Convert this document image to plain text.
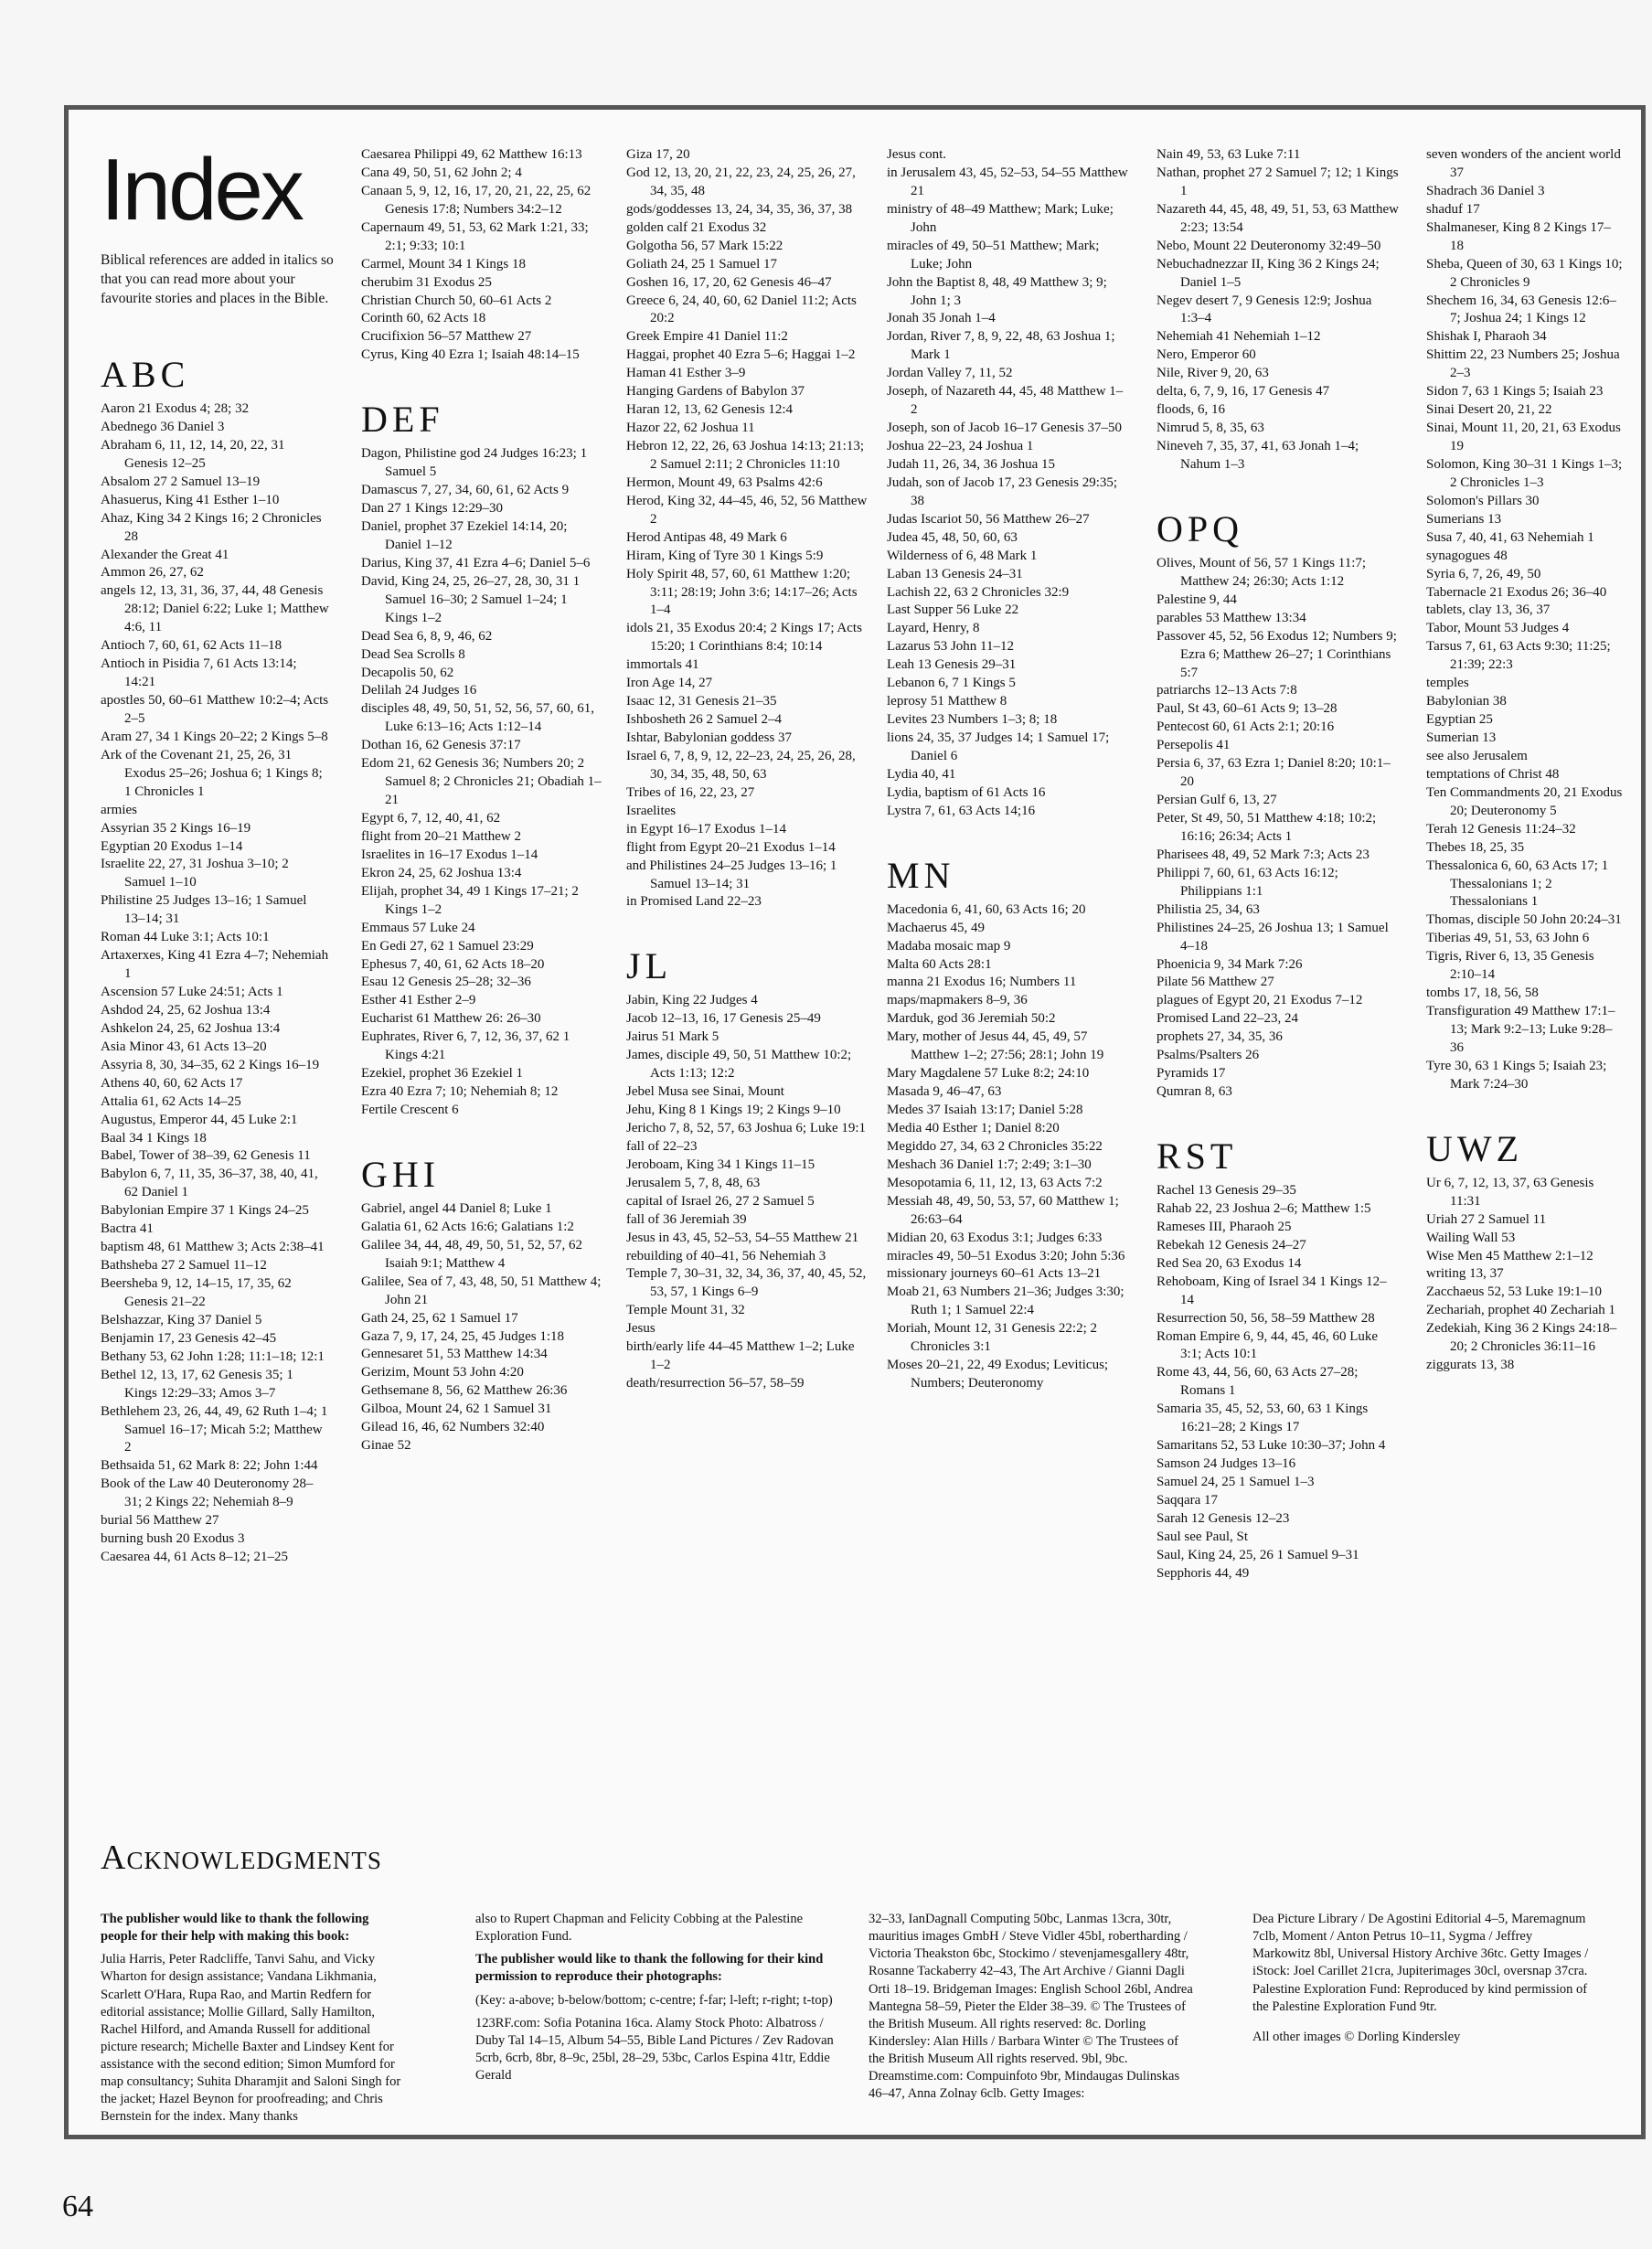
Index
Biblical references are added in italics so that you can read more about your favourite stories and places in the Bible.
ABC
Aaron 21 Exodus 4; 28; 32
Abednego 36 Daniel 3
Abraham 6, 11, 12, 14, 20, 22, 31 Genesis 12–25
Absalom 27 2 Samuel 13–19
Ahasuerus, King 41 Esther 1–10
Ahaz, King 34 2 Kings 16; 2 Chronicles 28
Alexander the Great 41
Ammon 26, 27, 62
angels 12, 13, 31, 36, 37, 44, 48 Genesis 28:12; Daniel 6:22; Luke 1; Matthew 4:6, 11
Antioch 7, 60, 61, 62 Acts 11–18
Antioch in Pisidia 7, 61 Acts 13:14; 14:21
apostles 50, 60–61 Matthew 10:2–4; Acts 2–5
Aram 27, 34 1 Kings 20–22; 2 Kings 5–8
Ark of the Covenant 21, 25, 26, 31 Exodus 25–26; Joshua 6; 1 Kings 8; 1 Chronicles 1
armies
Assyrian 35 2 Kings 16–19
Egyptian 20 Exodus 1–14
Israelite 22, 27, 31 Joshua 3–10; 2 Samuel 1–10
Philistine 25 Judges 13–16; 1 Samuel 13–14; 31
Roman 44 Luke 3:1; Acts 10:1
Artaxerxes, King 41 Ezra 4–7; Nehemiah 1
Ascension 57 Luke 24:51; Acts 1
Ashdod 24, 25, 62 Joshua 13:4
Ashkelon 24, 25, 62 Joshua 13:4
Asia Minor 43, 61 Acts 13–20
Assyria 8, 30, 34–35, 62 2 Kings 16–19
Athens 40, 60, 62 Acts 17
Attalia 61, 62 Acts 14–25
Augustus, Emperor 44, 45 Luke 2:1
Baal 34 1 Kings 18
Babel, Tower of 38–39, 62 Genesis 11
Babylon 6, 7, 11, 35, 36–37, 38, 40, 41, 62 Daniel 1
Babylonian Empire 37 1 Kings 24–25
Bactra 41
baptism 48, 61 Matthew 3; Acts 2:38–41
Bathsheba 27 2 Samuel 11–12
Beersheba 9, 12, 14–15, 17, 35, 62 Genesis 21–22
Belshazzar, King 37 Daniel 5
Benjamin 17, 23 Genesis 42–45
Bethany 53, 62 John 1:28; 11:1–18; 12:1
Bethel 12, 13, 17, 62 Genesis 35; 1 Kings 12:29–33; Amos 3–7
Bethlehem 23, 26, 44, 49, 62 Ruth 1–4; 1 Samuel 16–17; Micah 5:2; Matthew 2
Bethsaida 51, 62 Mark 8: 22; John 1:44
Book of the Law 40 Deuteronomy 28–31; 2 Kings 22; Nehemiah 8–9
burial 56 Matthew 27
burning bush 20 Exodus 3
Caesarea 44, 61 Acts 8–12; 21–25
Caesarea Philippi 49, 62 Matthew 16:13
Cana 49, 50, 51, 62 John 2; 4
Canaan 5, 9, 12, 16, 17, 20, 21, 22, 25, 62 Genesis 17:8; Numbers 34:2–12
Capernaum 49, 51, 53, 62 Mark 1:21, 33; 2:1; 9:33; 10:1
Carmel, Mount 34 1 Kings 18
cherubim 31 Exodus 25
Christian Church 50, 60–61 Acts 2
Corinth 60, 62 Acts 18
Crucifixion 56–57 Matthew 27
Cyrus, King 40 Ezra 1; Isaiah 48:14–15
DEF
Dagon, Philistine god 24 Judges 16:23; 1 Samuel 5
Damascus 7, 27, 34, 60, 61, 62 Acts 9
Dan 27 1 Kings 12:29–30
Daniel, prophet 37 Ezekiel 14:14, 20; Daniel 1–12
Darius, King 37, 41 Ezra 4–6; Daniel 5–6
David, King 24, 25, 26–27, 28, 30, 31 1 Samuel 16–30; 2 Samuel 1–24; 1 Kings 1–2
Dead Sea 6, 8, 9, 46, 62
Dead Sea Scrolls 8
Decapolis 50, 62
Delilah 24 Judges 16
disciples 48, 49, 50, 51, 52, 56, 57, 60, 61, Luke 6:13–16; Acts 1:12–14
Dothan 16, 62 Genesis 37:17
Edom 21, 62 Genesis 36; Numbers 20; 2 Samuel 8; 2 Chronicles 21; Obadiah 1–21
Egypt 6, 7, 12, 40, 41, 62
flight from 20–21 Matthew 2
Israelites in 16–17 Exodus 1–14
Ekron 24, 25, 62 Joshua 13:4
Elijah, prophet 34, 49 1 Kings 17–21; 2 Kings 1–2
Emmaus 57 Luke 24
En Gedi 27, 62 1 Samuel 23:29
Ephesus 7, 40, 61, 62 Acts 18–20
Esau 12 Genesis 25–28; 32–36
Esther 41 Esther 2–9
Eucharist 61 Matthew 26: 26–30
Euphrates, River 6, 7, 12, 36, 37, 62 1 Kings 4:21
Ezekiel, prophet 36 Ezekiel 1
Ezra 40 Ezra 7; 10; Nehemiah 8; 12
Fertile Crescent 6
GHI
Gabriel, angel 44 Daniel 8; Luke 1
Galatia 61, 62 Acts 16:6; Galatians 1:2
Galilee 34, 44, 48, 49, 50, 51, 52, 57, 62 Isaiah 9:1; Matthew 4
Galilee, Sea of 7, 43, 48, 50, 51 Matthew 4; John 21
Gath 24, 25, 62 1 Samuel 17
Gaza 7, 9, 17, 24, 25, 45 Judges 1:18
Gennesaret 51, 53 Matthew 14:34
Gerizim, Mount 53 John 4:20
Gethsemane 8, 56, 62 Matthew 26:36
Gilboa, Mount 24, 62 1 Samuel 31
Gilead 16, 46, 62 Numbers 32:40
Ginae 52
Giza 17, 20
God 12, 13, 20, 21, 22, 23, 24, 25, 26, 27, 34, 35, 48
gods/goddesses 13, 24, 34, 35, 36, 37, 38
golden calf 21 Exodus 32
Golgotha 56, 57 Mark 15:22
Goliath 24, 25 1 Samuel 17
Goshen 16, 17, 20, 62 Genesis 46–47
Greece 6, 24, 40, 60, 62 Daniel 11:2; Acts 20:2
Greek Empire 41 Daniel 11:2
Haggai, prophet 40 Ezra 5–6; Haggai 1–2
Haman 41 Esther 3–9
Hanging Gardens of Babylon 37
Haran 12, 13, 62 Genesis 12:4
Hazor 22, 62 Joshua 11
Hebron 12, 22, 26, 63 Joshua 14:13; 21:13; 2 Samuel 2:11; 2 Chronicles 11:10
Hermon, Mount 49, 63 Psalms 42:6
Herod, King 32, 44–45, 46, 52, 56 Matthew 2
Herod Antipas 48, 49 Mark 6
Hiram, King of Tyre 30 1 Kings 5:9
Holy Spirit 48, 57, 60, 61 Matthew 1:20; 3:11; 28:19; John 3:6; 14:17–26; Acts 1–4
idols 21, 35 Exodus 20:4; 2 Kings 17; Acts 15:20; 1 Corinthians 8:4; 10:14
immortals 41
Iron Age 14, 27
Isaac 12, 31 Genesis 21–35
Ishbosheth 26 2 Samuel 2–4
Ishtar, Babylonian goddess 37
Israel 6, 7, 8, 9, 12, 22–23, 24, 25, 26, 28, 30, 34, 35, 48, 50, 63
Tribes of 16, 22, 23, 27
Israelites
in Egypt 16–17 Exodus 1–14
flight from Egypt 20–21 Exodus 1–14
and Philistines 24–25 Judges 13–16; 1 Samuel 13–14; 31
in Promised Land 22–23
JL
Jabin, King 22 Judges 4
Jacob 12–13, 16, 17 Genesis 25–49
Jairus 51 Mark 5
James, disciple 49, 50, 51 Matthew 10:2; Acts 1:13; 12:2
Jebel Musa see Sinai, Mount
Jehu, King 8 1 Kings 19; 2 Kings 9–10
Jericho 7, 8, 52, 57, 63 Joshua 6; Luke 19:1
fall of 22–23
Jeroboam, King 34 1 Kings 11–15
Jerusalem 5, 7, 8, 48, 63
capital of Israel 26, 27 2 Samuel 5
fall of 36 Jeremiah 39
Jesus in 43, 45, 52–53, 54–55 Matthew 21
rebuilding of 40–41, 56 Nehemiah 3
Temple 7, 30–31, 32, 34, 36, 37, 40, 45, 52, 53, 57, 1 Kings 6–9
Temple Mount 31, 32
Jesus
birth/early life 44–45 Matthew 1–2; Luke 1–2
death/resurrection 56–57, 58–59
Jesus cont.
in Jerusalem 43, 45, 52–53, 54–55 Matthew 21
ministry of 48–49 Matthew; Mark; Luke; John
miracles of 49, 50–51 Matthew; Mark; Luke; John
John the Baptist 8, 48, 49 Matthew 3; 9; John 1; 3
Jonah 35 Jonah 1–4
Jordan, River 7, 8, 9, 22, 48, 63 Joshua 1; Mark 1
Jordan Valley 7, 11, 52
Joseph, of Nazareth 44, 45, 48 Matthew 1–2
Joseph, son of Jacob 16–17 Genesis 37–50
Joshua 22–23, 24 Joshua 1
Judah 11, 26, 34, 36 Joshua 15
Judah, son of Jacob 17, 23 Genesis 29:35; 38
Judas Iscariot 50, 56 Matthew 26–27
Judea 45, 48, 50, 60, 63
Wilderness of 6, 48 Mark 1
Laban 13 Genesis 24–31
Lachish 22, 63 2 Chronicles 32:9
Last Supper 56 Luke 22
Layard, Henry, 8
Lazarus 53 John 11–12
Leah 13 Genesis 29–31
Lebanon 6, 7 1 Kings 5
leprosy 51 Matthew 8
Levites 23 Numbers 1–3; 8; 18
lions 24, 35, 37 Judges 14; 1 Samuel 17; Daniel 6
Lydia 40, 41
Lydia, baptism of 61 Acts 16
Lystra 7, 61, 63 Acts 14;16
MN
Macedonia 6, 41, 60, 63 Acts 16; 20
Machaerus 45, 49
Madaba mosaic map 9
Malta 60 Acts 28:1
manna 21 Exodus 16; Numbers 11
maps/mapmakers 8–9, 36
Marduk, god 36 Jeremiah 50:2
Mary, mother of Jesus 44, 45, 49, 57 Matthew 1–2; 27:56; 28:1; John 19
Mary Magdalene 57 Luke 8:2; 24:10
Masada 9, 46–47, 63
Medes 37 Isaiah 13:17; Daniel 5:28
Media 40 Esther 1; Daniel 8:20
Megiddo 27, 34, 63 2 Chronicles 35:22
Meshach 36 Daniel 1:7; 2:49; 3:1–30
Mesopotamia 6, 11, 12, 13, 63 Acts 7:2
Messiah 48, 49, 50, 53, 57, 60 Matthew 1; 26:63–64
Midian 20, 63 Exodus 3:1; Judges 6:33
miracles 49, 50–51 Exodus 3:20; John 5:36
missionary journeys 60–61 Acts 13–21
Moab 21, 63 Numbers 21–36; Judges 3:30; Ruth 1; 1 Samuel 22:4
Moriah, Mount 12, 31 Genesis 22:2; 2 Chronicles 3:1
Moses 20–21, 22, 49 Exodus; Leviticus; Numbers; Deuteronomy
Nain 49, 53, 63 Luke 7:11
Nathan, prophet 27 2 Samuel 7; 12; 1 Kings 1
Nazareth 44, 45, 48, 49, 51, 53, 63 Matthew 2:23; 13:54
Nebo, Mount 22 Deuteronomy 32:49–50
Nebuchadnezzar II, King 36 2 Kings 24; Daniel 1–5
Negev desert 7, 9 Genesis 12:9; Joshua 1:3–4
Nehemiah 41 Nehemiah 1–12
Nero, Emperor 60
Nile, River 9, 20, 63
delta, 6, 7, 9, 16, 17 Genesis 47
floods, 6, 16
Nimrud 5, 8, 35, 63
Nineveh 7, 35, 37, 41, 63 Jonah 1–4; Nahum 1–3
OPQ
Olives, Mount of 56, 57 1 Kings 11:7; Matthew 24; 26:30; Acts 1:12
Palestine 9, 44
parables 53 Matthew 13:34
Passover 45, 52, 56 Exodus 12; Numbers 9; Ezra 6; Matthew 26–27; 1 Corinthians 5:7
patriarchs 12–13 Acts 7:8
Paul, St 43, 60–61 Acts 9; 13–28
Pentecost 60, 61 Acts 2:1; 20:16
Persepolis 41
Persia 6, 37, 63 Ezra 1; Daniel 8:20; 10:1–20
Persian Gulf 6, 13, 27
Peter, St 49, 50, 51 Matthew 4:18; 10:2; 16:16; 26:34; Acts 1
Pharisees 48, 49, 52 Mark 7:3; Acts 23
Philippi 7, 60, 61, 63 Acts 16:12; Philippians 1:1
Philistia 25, 34, 63
Philistines 24–25, 26 Joshua 13; 1 Samuel 4–18
Phoenicia 9, 34 Mark 7:26
Pilate 56 Matthew 27
plagues of Egypt 20, 21 Exodus 7–12
Promised Land 22–23, 24
prophets 27, 34, 35, 36
Psalms/Psalters 26
Pyramids 17
Qumran 8, 63
RST
Rachel 13 Genesis 29–35
Rahab 22, 23 Joshua 2–6; Matthew 1:5
Rameses III, Pharaoh 25
Rebekah 12 Genesis 24–27
Red Sea 20, 63 Exodus 14
Rehoboam, King of Israel 34 1 Kings 12–14
Resurrection 50, 56, 58–59 Matthew 28
Roman Empire 6, 9, 44, 45, 46, 60 Luke 3:1; Acts 10:1
Rome 43, 44, 56, 60, 63 Acts 27–28; Romans 1
Samaria 35, 45, 52, 53, 60, 63 1 Kings 16:21–28; 2 Kings 17
Samaritans 52, 53 Luke 10:30–37; John 4
Samson 24 Judges 13–16
Samuel 24, 25 1 Samuel 1–3
Saqqara 17
Sarah 12 Genesis 12–23
Saul see Paul, St
Saul, King 24, 25, 26 1 Samuel 9–31
Sepphoris 44, 49
seven wonders of the ancient world 37
Shadrach 36 Daniel 3
shaduf 17
Shalmaneser, King 8 2 Kings 17–18
Sheba, Queen of 30, 63 1 Kings 10; 2 Chronicles 9
Shechem 16, 34, 63 Genesis 12:6–7; Joshua 24; 1 Kings 12
Shishak I, Pharaoh 34
Shittim 22, 23 Numbers 25; Joshua 2–3
Sidon 7, 63 1 Kings 5; Isaiah 23
Sinai Desert 20, 21, 22
Sinai, Mount 11, 20, 21, 63 Exodus 19
Solomon, King 30–31 1 Kings 1–3; 2 Chronicles 1–3
Solomon's Pillars 30
Sumerians 13
Susa 7, 40, 41, 63 Nehemiah 1
synagogues 48
Syria 6, 7, 26, 49, 50
Tabernacle 21 Exodus 26; 36–40
tablets, clay 13, 36, 37
Tabor, Mount 53 Judges 4
Tarsus 7, 61, 63 Acts 9:30; 11:25; 21:39; 22:3
temples
Babylonian 38
Egyptian 25
Sumerian 13
see also Jerusalem
temptations of Christ 48
Ten Commandments 20, 21 Exodus 20; Deuteronomy 5
Terah 12 Genesis 11:24–32
Thebes 18, 25, 35
Thessalonica 6, 60, 63 Acts 17; 1 Thessalonians 1; 2 Thessalonians 1
Thomas, disciple 50 John 20:24–31
Tiberias 49, 51, 53, 63 John 6
Tigris, River 6, 13, 35 Genesis 2:10–14
tombs 17, 18, 56, 58
Transfiguration 49 Matthew 17:1–13; Mark 9:2–13; Luke 9:28–36
Tyre 30, 63 1 Kings 5; Isaiah 23; Mark 7:24–30
UWZ
Ur 6, 7, 12, 13, 37, 63 Genesis 11:31
Uriah 27 2 Samuel 11
Wailing Wall 53
Wise Men 45 Matthew 2:1–12
writing 13, 37
Zacchaeus 52, 53 Luke 19:1–10
Zechariah, prophet 40 Zechariah 1
Zedekiah, King 36 2 Kings 24:18–20; 2 Chronicles 36:11–16
ziggurats 13, 38
Acknowledgments

The publisher would like to thank the following people for their help with making this book:

Julia Harris, Peter Radcliffe, Tanvi Sahu, and Vicky Wharton for design assistance; Vandana Likhmania, Scarlett O'Hara, Rupa Rao, and Martin Redfern for editorial assistance; Mollie Gillard, Sally Hamilton, Rachel Hilford, and Amanda Russell for additional picture research; Michelle Baxter and Lindsey Kent for assistance with the second edition; Simon Mumford for map consultancy; Suhita Dharamjit and Saloni Singh for the jacket; Hazel Beynon for proofreading; and Chris Bernstein for the index. Many thanks

also to Rupert Chapman and Felicity Cobbing at the Palestine Exploration Fund.

The publisher would like to thank the following for their kind permission to reproduce their photographs:

(Key: a-above; b-below/bottom; c-centre; f-far; l-left; r-right; t-top)

123RF.com: Sofia Potanina 16ca. Alamy Stock Photo: Albatross / Duby Tal 14–15, Album 54–55, Bible Land Pictures / Zev Radovan 5crb, 6crb, 8br, 8–9c, 25bl, 28–29, 53bc, Carlos Espina 41tr, Eddie Gerald

32–33, IanDagnall Computing 50bc, Lanmas 13cra, 30tr, mauritius images GmbH / Steve Vidler 45bl, robertharding / Victoria Theakston 6bc, Stockimo / stevenjamesgallery 48tr, Rosanne Tackaberry 42–43, The Art Archive / Gianni Dagli Orti 18–19. Bridgeman Images: English School 26bl, Andrea Mantegna 58–59, Pieter the Elder 38–39. © The Trustees of the British Museum. All rights reserved: 8c. Dorling Kindersley: Alan Hills / Barbara Winter © The Trustees of the British Museum All rights reserved. 9bl, 9bc. Dreamstime.com: Compuinfoto 9br, Mindaugas Dulinskas 46–47, Anna Zolnay 6clb. Getty Images:

Dea Picture Library / De Agostini Editorial 4–5, Maremagnum 7clb, Moment / Anton Petrus 10–11, Sygma / Jeffrey Markowitz 8bl, Universal History Archive 36tc. Getty Images / iStock: Joel Carillet 21cra, Jupiterimages 30cl, oversnap 37cra. Palestine Exploration Fund: Reproduced by kind permission of the Palestine Exploration Fund 9tr.

All other images © Dorling Kindersley

64
